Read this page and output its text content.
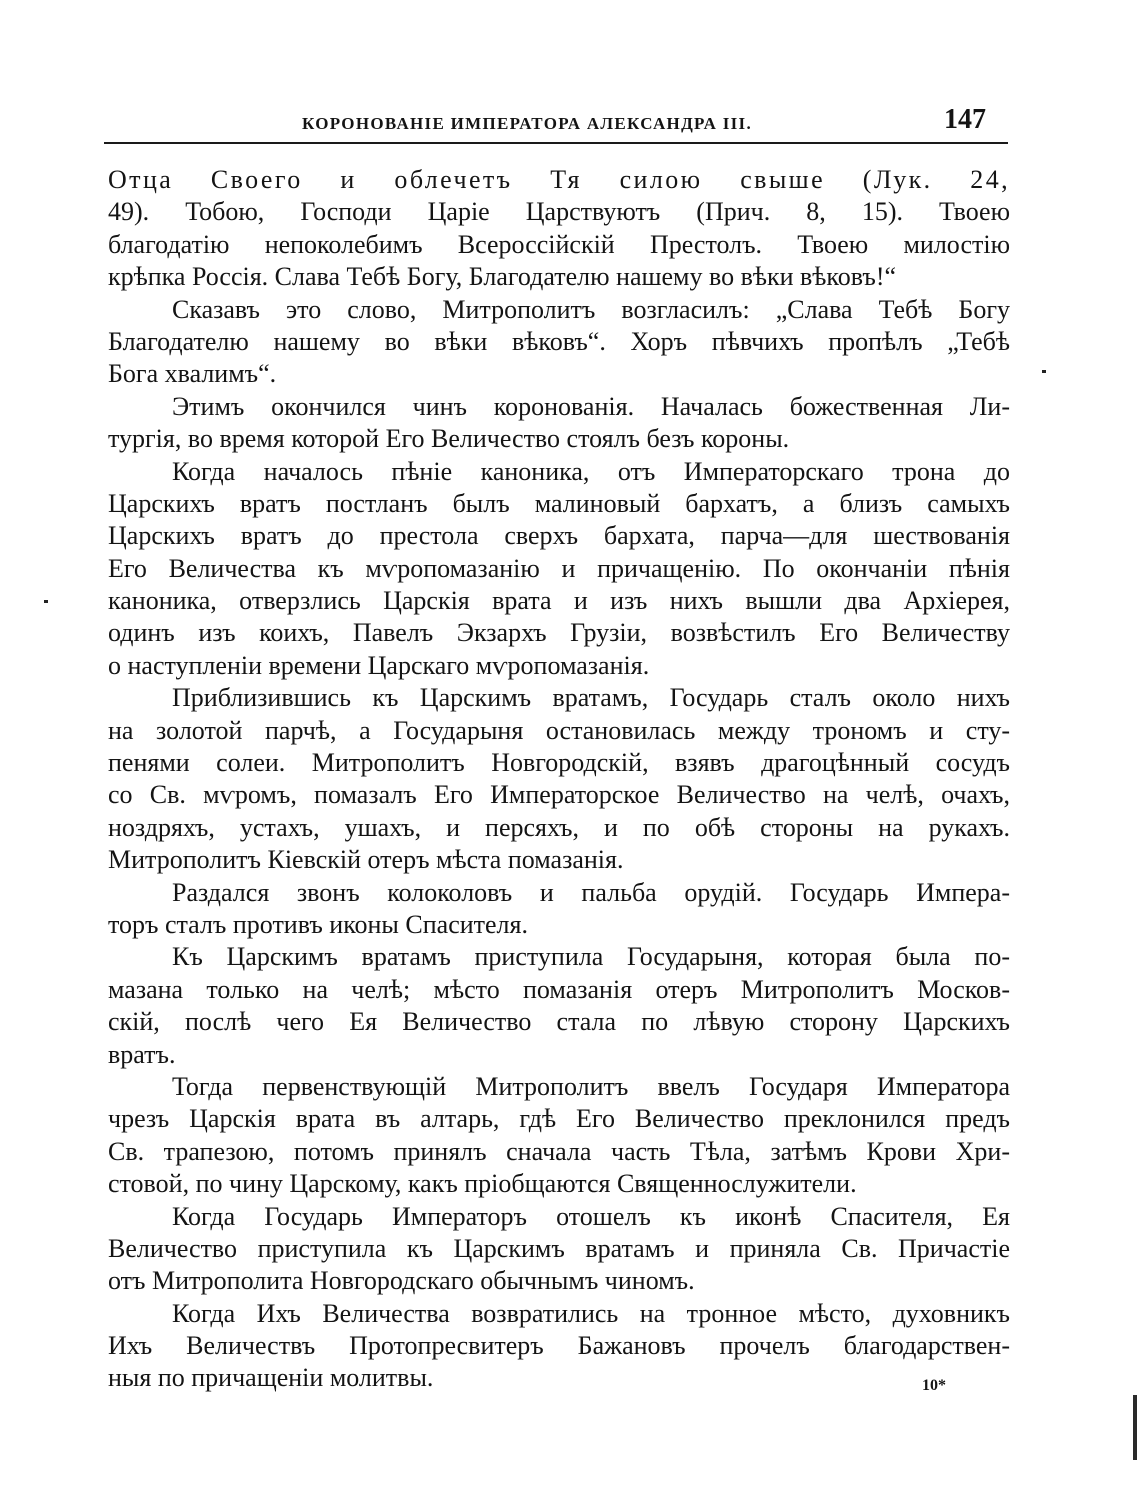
КОРОНОВАНІЕ ИМПЕРАТОРА АЛЕКСАНДРА III.	147
Отца Своего и облечетъ Тя силою свыше (Лук. 24,
49). Тобою, Господи Царіе Царствуютъ (Прич. 8, 15). Твоею
благодатію непоколебимъ Всероссійскій Престолъ. Твоею милостію
крѣпка Россія. Слава Тебѣ Богу, Благодателю нашему во вѣки вѣковъ!“
Сказавъ это слово, Митрополитъ возгласилъ: „Слава Тебѣ Богу
Благодателю нашему во вѣки вѣковъ“. Хоръ пѣвчихъ пропѣлъ „Тебѣ
Бога хвалимъ“.
Этимъ окончился чинъ коронованія. Началась божественная Ли-
тургія, во время которой Его Величество стоялъ безъ короны.
Когда началось пѣніе каноника, отъ Императорскаго трона до
Царскихъ вратъ постланъ былъ малиновый бархатъ, а близъ самыхъ
Царскихъ вратъ до престола сверхъ бархата, парча—для шествованія
Его Величества къ мѵропомазанію и причащенію. По окончаніи пѣнія
каноника, отверзлись Царскія врата и изъ нихъ вышли два Архіерея,
одинъ изъ коихъ, Павелъ Экзархъ Грузіи, возвѣстилъ Его Величеству
о наступленіи времени Царскаго мѵропомазанія.
Приблизившись къ Царскимъ вратамъ, Государь сталъ около нихъ
на золотой парчѣ, а Государыня остановилась между трономъ и сту-
пенями солеи. Митрополитъ Новгородскій, взявъ драгоцѣнный сосудъ
со Св. мѵромъ, помазалъ Его Императорское Величество на челѣ, очахъ,
ноздряхъ, устахъ, ушахъ, и персяхъ, и по обѣ стороны на рукахъ.
Митрополитъ Кіевскій отеръ мѣста помазанія.
Раздался звонъ колоколовъ и пальба орудій. Государь Импера-
торъ сталъ противъ иконы Спасителя.
Къ Царскимъ вратамъ приступила Государыня, которая была по-
мазана только на челѣ; мѣсто помазанія отеръ Митрополитъ Москов-
скій, послѣ чего Ея Величество стала по лѣвую сторону Царскихъ
вратъ.
Тогда первенствующій Митрополитъ ввелъ Государя Императора
чрезъ Царскія врата въ алтарь, гдѣ Его Величество преклонился предъ
Св. трапезою, потомъ принялъ сначала часть Тѣла, затѣмъ Крови Хри-
стовой, по чину Царскому, какъ пріобщаются Священнослужители.
Когда Государь Императоръ отошелъ къ иконѣ Спасителя, Ея
Величество приступила къ Царскимъ вратамъ и приняла Св. Причастіе
отъ Митрополита Новгородскаго обычнымъ чиномъ.
Когда Ихъ Величества возвратились на тронное мѣсто, духовникъ
Ихъ Величествъ Протопресвитеръ Бажановъ прочелъ благодарствен-
ныя по причащеніи молитвы.	10*
